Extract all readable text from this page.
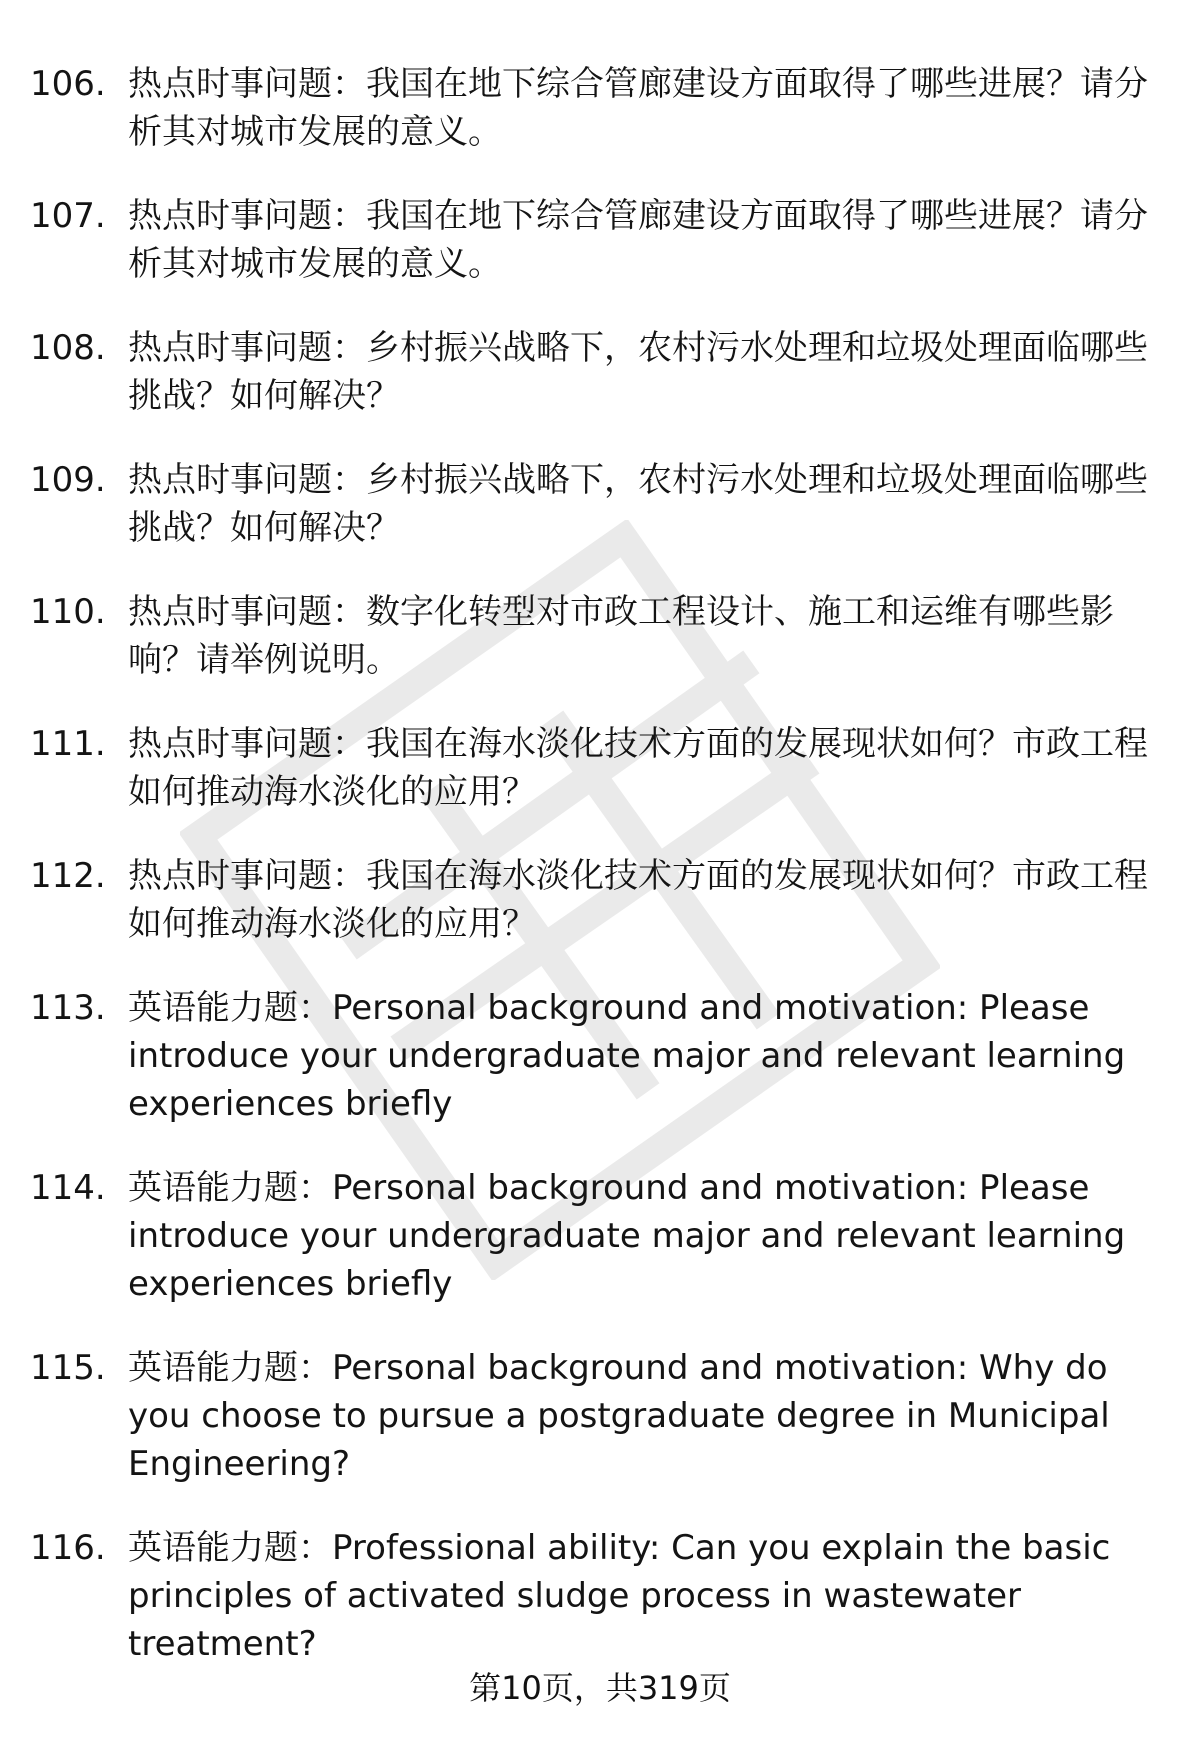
106. 热点时事问题：我国在地下综合管廊建设方面取得了哪些进展？请分析其对城市发展的意义。
107. 热点时事问题：我国在地下综合管廊建设方面取得了哪些进展？请分析其对城市发展的意义。
108. 热点时事问题：乡村振兴战略下，农村污水处理和垃圾处理面临哪些挑战？如何解决？
109. 热点时事问题：乡村振兴战略下，农村污水处理和垃圾处理面临哪些挑战？如何解决？
110. 热点时事问题：数字化转型对市政工程设计、施工和运维有哪些影响？请举例说明。
111. 热点时事问题：我国在海水淡化技术方面的发展现状如何？市政工程如何推动海水淡化的应用？
112. 热点时事问题：我国在海水淡化技术方面的发展现状如何？市政工程如何推动海水淡化的应用？
113. 英语能力题：Personal background and motivation: Please introduce your undergraduate major and relevant learning experiences briefly
114. 英语能力题：Personal background and motivation: Please introduce your undergraduate major and relevant learning experiences briefly
115. 英语能力题：Personal background and motivation: Why do you choose to pursue a postgraduate degree in Municipal Engineering?
116. 英语能力题：Professional ability: Can you explain the basic principles of activated sludge process in wastewater treatment?
第10页，共319页
